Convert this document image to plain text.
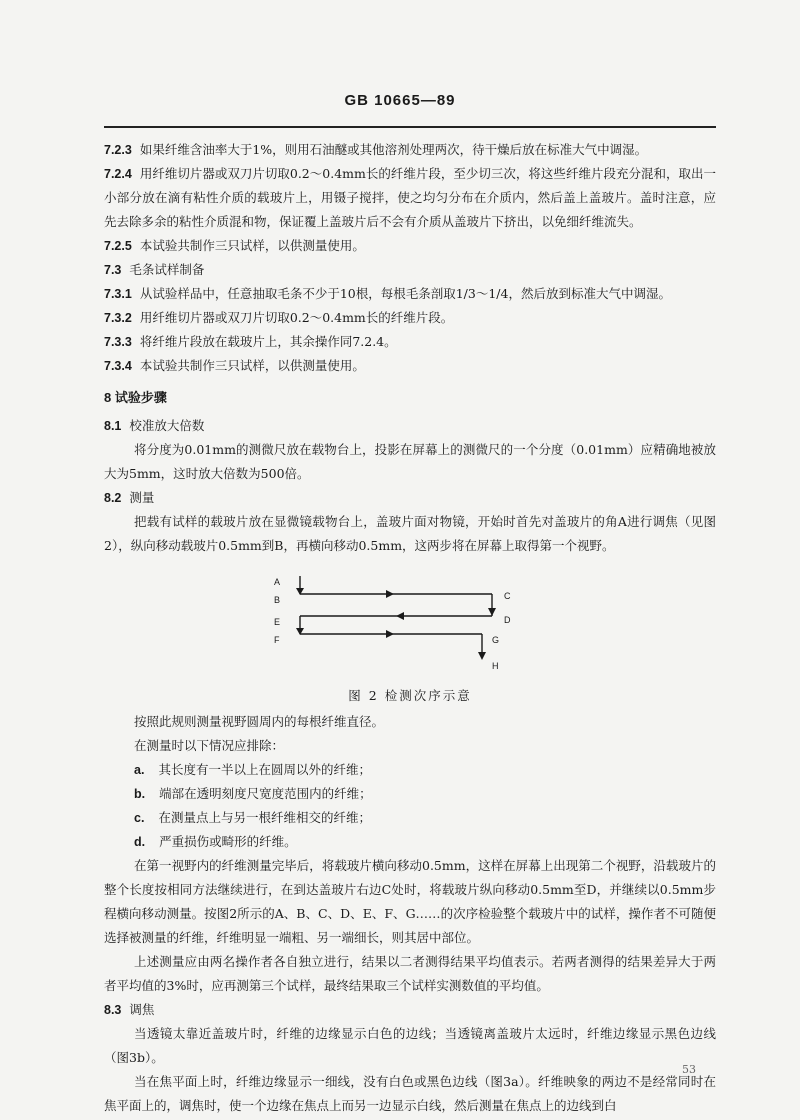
GB 10665—89

7.2.3 如果纤维含油率大于1%，则用石油醚或其他溶剂处理两次，待干燥后放在标准大气中调湿。

7.2.4 用纤维切片器或双刀片切取0.2～0.4mm长的纤维片段，至少切三次，将这些纤维片段充分混和，取出一小部分放在滴有粘性介质的载玻片上，用镊子搅拌，使之均匀分布在介质内，然后盖上盖玻片。盖时注意，应先去除多余的粘性介质混和物，保证覆上盖玻片后不会有介质从盖玻片下挤出，以免细纤维流失。

7.2.5 本试验共制作三只试样，以供测量使用。

7.3 毛条试样制备

7.3.1 从试验样品中，任意抽取毛条不少于10根，每根毛条剖取1/3～1/4，然后放到标准大气中调湿。

7.3.2 用纤维切片器或双刀片切取0.2～0.4mm长的纤维片段。

7.3.3 将纤维片段放在载玻片上，其余操作同7.2.4。

7.3.4 本试验共制作三只试样，以供测量使用。

8 试验步骤

8.1 校准放大倍数

将分度为0.01mm的测微尺放在载物台上，投影在屏幕上的测微尺的一个分度（0.01mm）应精确地被放大为5mm，这时放大倍数为500倍。

8.2 测量

把载有试样的载玻片放在显微镜载物台上，盖玻片面对物镜，开始时首先对盖玻片的角A进行调焦（见图2），纵向移动载玻片0.5mm到B，再横向移动0.5mm，这两步将在屏幕上取得第一个视野。

A
B	C
D
E
F	G
H
图 2 检测次序示意

按照此规则测量视野圆周内的每根纤维直径。

在测量时以下情况应排除：

a. 其长度有一半以上在圆周以外的纤维；
b. 端部在透明刻度尺宽度范围内的纤维；
c. 在测量点上与另一根纤维相交的纤维；
d. 严重损伤或畸形的纤维。

在第一视野内的纤维测量完毕后，将载玻片横向移动0.5mm，这样在屏幕上出现第二个视野，沿载玻片的整个长度按相同方法继续进行，在到达盖玻片右边C处时，将载玻片纵向移动0.5mm至D，并继续以0.5mm步程横向移动测量。按图2所示的A、B、C、D、E、F、G……的次序检验整个载玻片中的试样，操作者不可随便选择被测量的纤维，纤维明显一端粗、另一端细长，则其居中部位。

上述测量应由两名操作者各自独立进行，结果以二者测得结果平均值表示。若两者测得的结果差异大于两者平均值的3%时，应再测第三个试样，最终结果取三个试样实测数值的平均值。

8.3 调焦

当透镜太靠近盖玻片时，纤维的边缘显示白色的边线；当透镜离盖玻片太远时，纤维边缘显示黑色边线（图3b）。

当在焦平面上时，纤维边缘显示一细线，没有白色或黑色边线（图3a）。纤维映象的两边不是经常同时在焦平面上的，调焦时，使一个边缘在焦点上而另一边显示白线，然后测量在焦点上的边线到白

53
